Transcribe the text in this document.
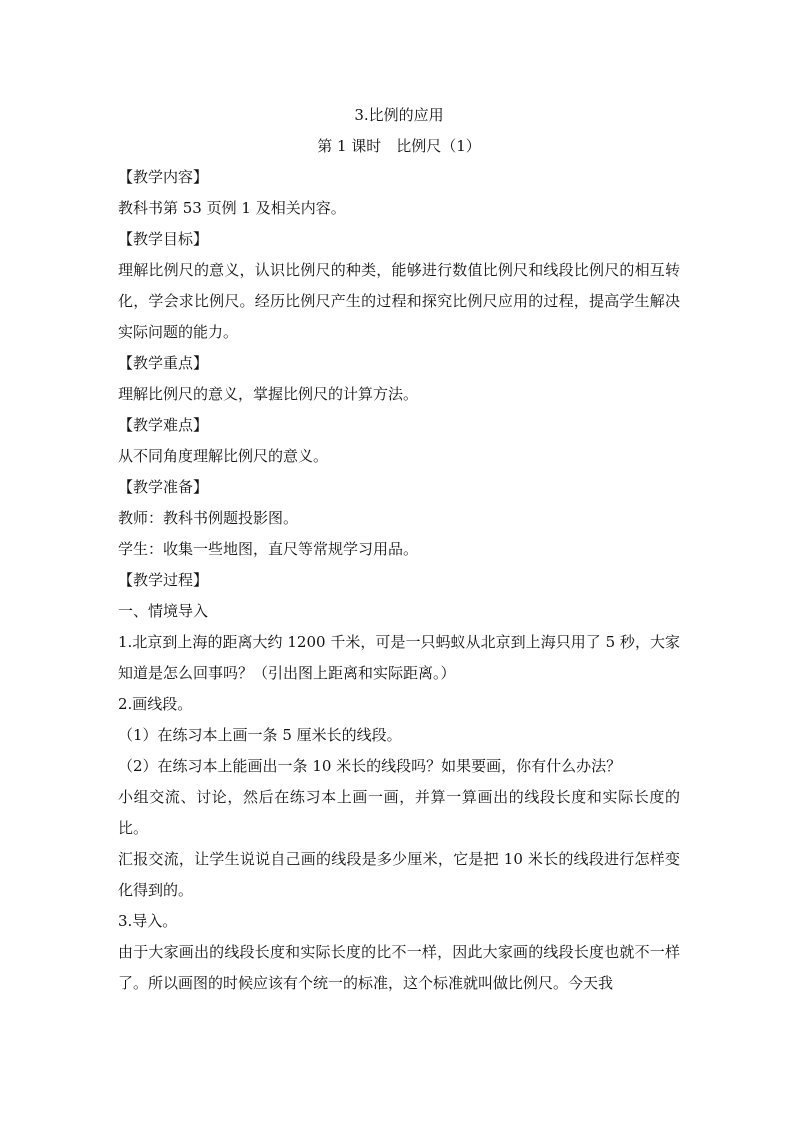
3.比例的应用
第 1 课时　比例尺（1）
【教学内容】
教科书第 53 页例 1 及相关内容。
【教学目标】
理解比例尺的意义，认识比例尺的种类，能够进行数值比例尺和线段比例尺的相互转化，学会求比例尺。经历比例尺产生的过程和探究比例尺应用的过程，提高学生解决实际问题的能力。
【教学重点】
理解比例尺的意义，掌握比例尺的计算方法。
【教学难点】
从不同角度理解比例尺的意义。
【教学准备】
教师：教科书例题投影图。
学生：收集一些地图，直尺等常规学习用品。
【教学过程】
一、情境导入
1.北京到上海的距离大约 1200 千米，可是一只蚂蚁从北京到上海只用了 5 秒，大家知道是怎么回事吗？（引出图上距离和实际距离。）
2.画线段。
（1）在练习本上画一条 5 厘米长的线段。
（2）在练习本上能画出一条 10 米长的线段吗？如果要画，你有什么办法？
小组交流、讨论，然后在练习本上画一画，并算一算画出的线段长度和实际长度的比。
汇报交流，让学生说说自己画的线段是多少厘米，它是把 10 米长的线段进行怎样变化得到的。
3.导入。
由于大家画出的线段长度和实际长度的比不一样，因此大家画的线段长度也就不一样了。所以画图的时候应该有个统一的标准，这个标准就叫做比例尺。今天我
